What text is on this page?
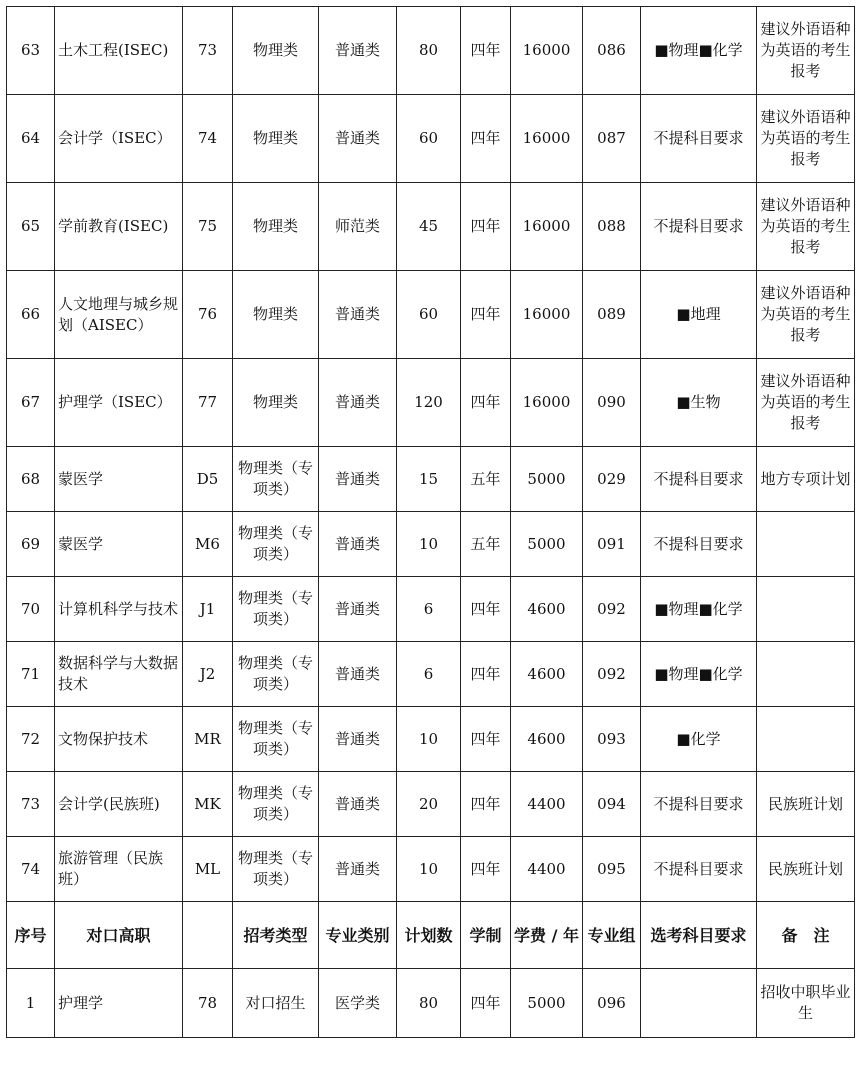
63	土木工程(ISEC)	73	物理类	普通类	80	四年	16000	086	■物理■化学	建议外语语种为英语的考生报考
64	会计学（ISEC）	74	物理类	普通类	60	四年	16000	087	不提科目要求	建议外语语种为英语的考生报考
65	学前教育(ISEC)	75	物理类	师范类	45	四年	16000	088	不提科目要求	建议外语语种为英语的考生报考
66	人文地理与城乡规划（AISEC）	76	物理类	普通类	60	四年	16000	089	■地理	建议外语语种为英语的考生报考
67	护理学（ISEC）	77	物理类	普通类	120	四年	16000	090	■生物	建议外语语种为英语的考生报考
68	蒙医学	D5	物理类（专项类）	普通类	15	五年	5000	029	不提科目要求	地方专项计划
69	蒙医学	M6	物理类（专项类）	普通类	10	五年	5000	091	不提科目要求	
70	计算机科学与技术	J1	物理类（专项类）	普通类	6	四年	4600	092	■物理■化学	
71	数据科学与大数据技术	J2	物理类（专项类）	普通类	6	四年	4600	092	■物理■化学	
72	文物保护技术	MR	物理类（专项类）	普通类	10	四年	4600	093	■化学	
73	会计学(民族班)	MK	物理类（专项类）	普通类	20	四年	4400	094	不提科目要求	民族班计划
74	旅游管理（民族班）	ML	物理类（专项类）	普通类	10	四年	4400	095	不提科目要求	民族班计划
序号	对口高职		招考类型	专业类别	计划数	学制	学费 / 年	专业组	选考科目要求	备　注
1	护理学	78	对口招生	医学类	80	四年	5000	096		招收中职毕业生
